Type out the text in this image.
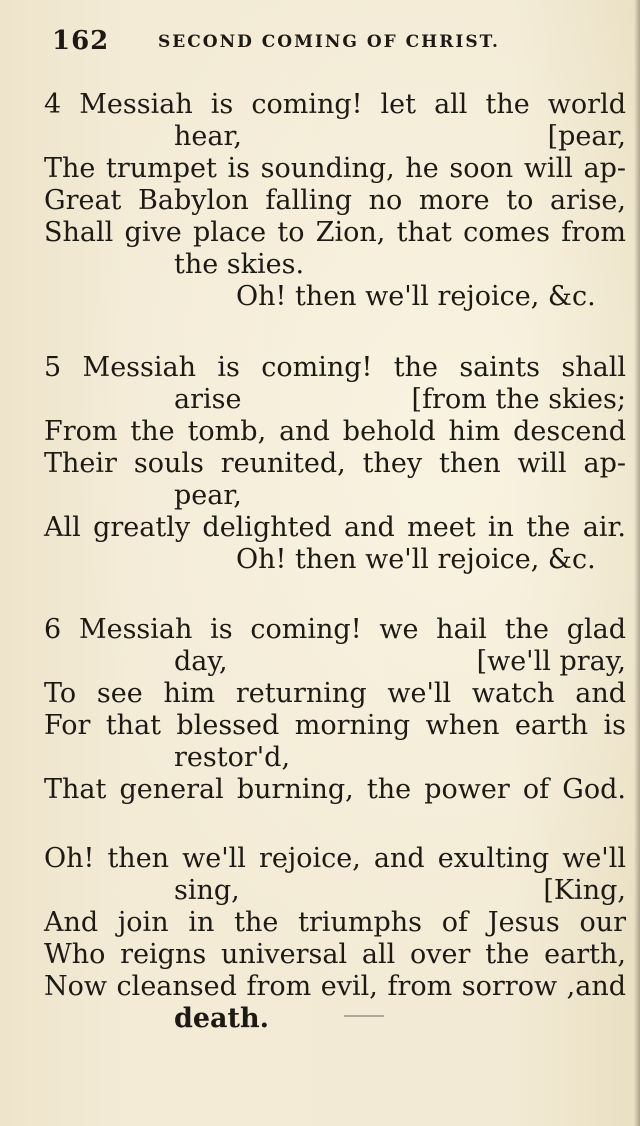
162	SECOND COMING OF CHRIST.
4 Messiah is coming! let all the world
hear,	[pear,
The trumpet is sounding, he soon will ap-
Great Babylon falling no more to arise,
Shall give place to Zion, that comes from
the skies.
Oh! then we'll rejoice, &c.
5 Messiah is coming! the saints shall
arise	[from the skies;
From the tomb, and behold him descend
Their souls reunited, they then will ap-
pear,
All greatly delighted and meet in the air.
Oh! then we'll rejoice, &c.
6 Messiah is coming! we hail the glad
day,	[we'll pray,
To see him returning we'll watch and
For that blessed morning when earth is
restor'd,
That general burning, the power of God.
Oh! then we'll rejoice, and exulting we'll
sing,	[King,
And join in the triumphs of Jesus our
Who reigns universal all over the earth,
Now cleansed from evil, from sorrow ,and
death.
